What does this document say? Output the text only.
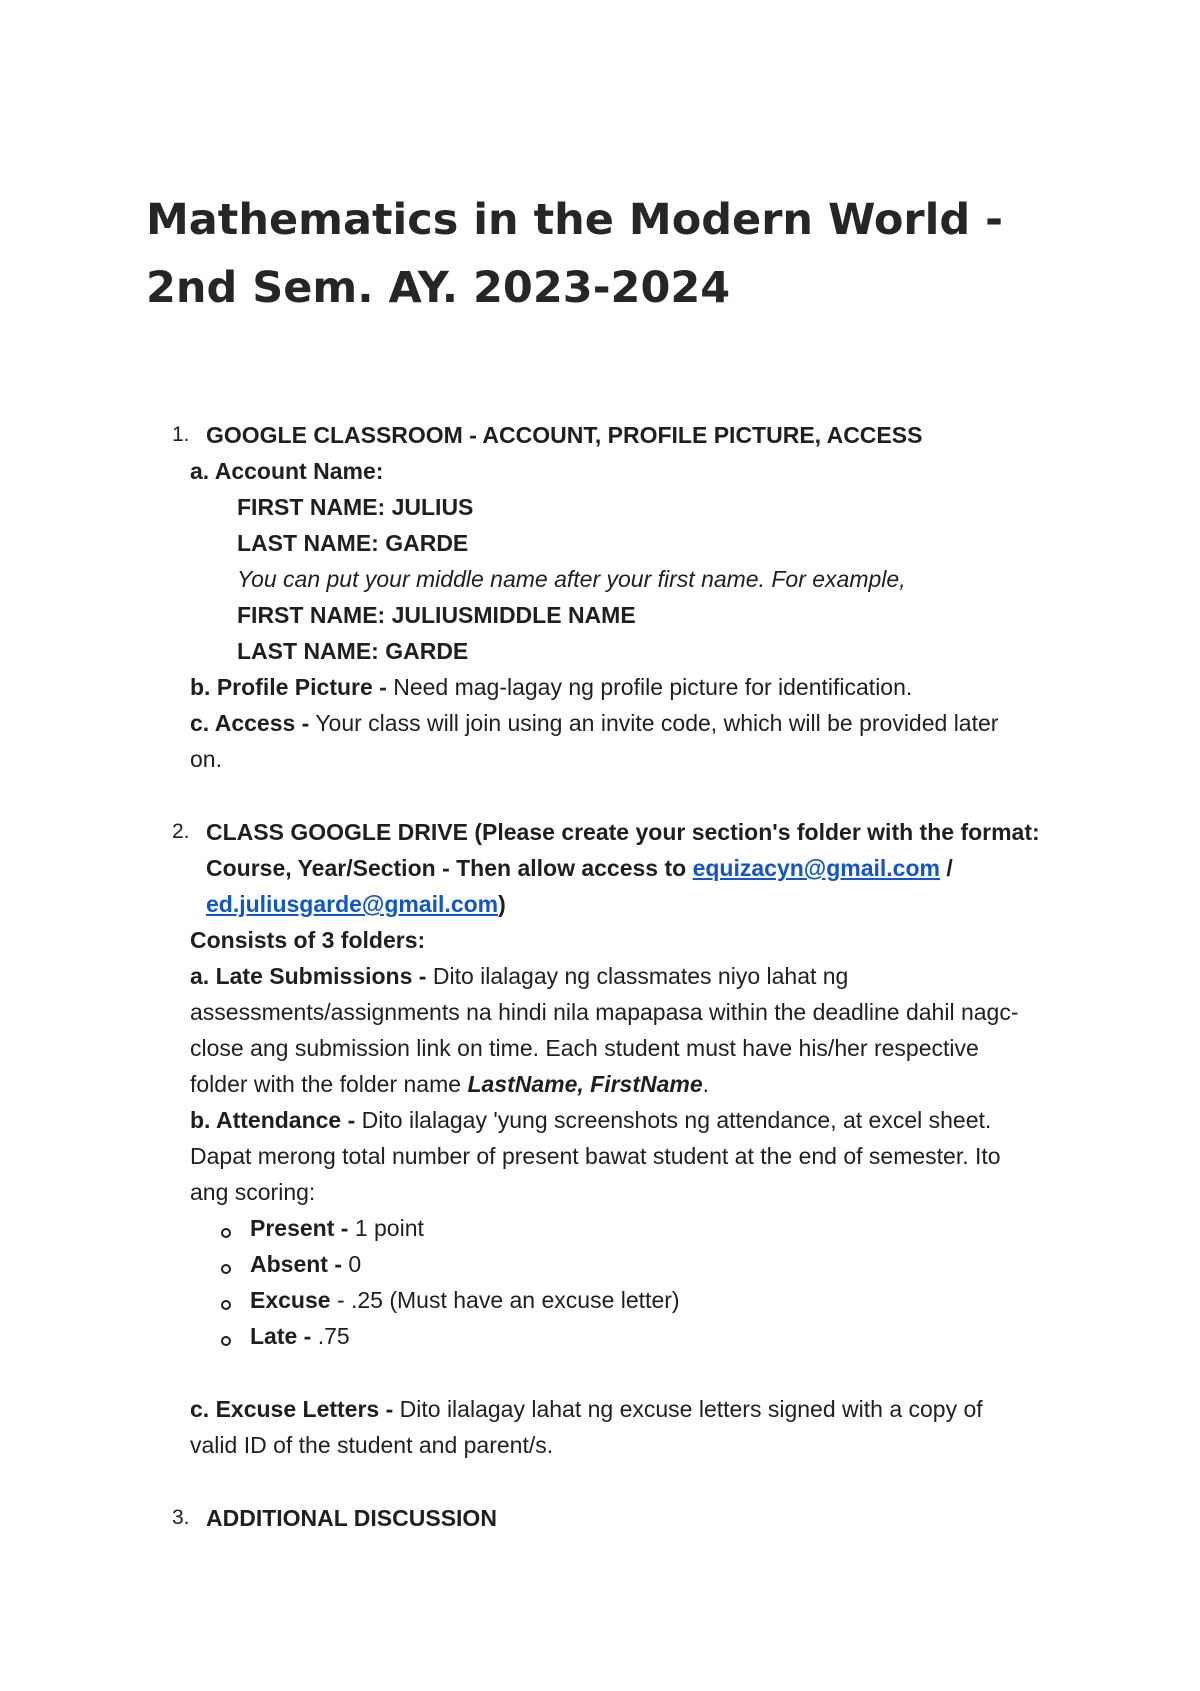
Mathematics in the Modern World -
2nd Sem. AY. 2023-2024
1. GOOGLE CLASSROOM - ACCOUNT, PROFILE PICTURE, ACCESS
a. Account Name:
FIRST NAME: JULIUS
LAST NAME: GARDE
You can put your middle name after your first name. For example,
FIRST NAME: JULIUSMIDDLE NAME
LAST NAME: GARDE
b. Profile Picture - Need mag-lagay ng profile picture for identification.
c. Access - Your class will join using an invite code, which will be provided later
on.
2. CLASS GOOGLE DRIVE (Please create your section's folder with the format:
Course, Year/Section - Then allow access to equizacyn@gmail.com /
ed.juliusgarde@gmail.com)
Consists of 3 folders:
a. Late Submissions - Dito ilalagay ng classmates niyo lahat ng
assessments/assignments na hindi nila mapapasa within the deadline dahil nagc-
close ang submission link on time. Each student must have his/her respective
folder with the folder name LastName, FirstName.
b. Attendance - Dito ilalagay 'yung screenshots ng attendance, at excel sheet.
Dapat merong total number of present bawat student at the end of semester. Ito
ang scoring:
Present - 1 point
Absent - 0
Excuse - .25 (Must have an excuse letter)
Late - .75
c. Excuse Letters - Dito ilalagay lahat ng excuse letters signed with a copy of
valid ID of the student and parent/s.
3. ADDITIONAL DISCUSSION
